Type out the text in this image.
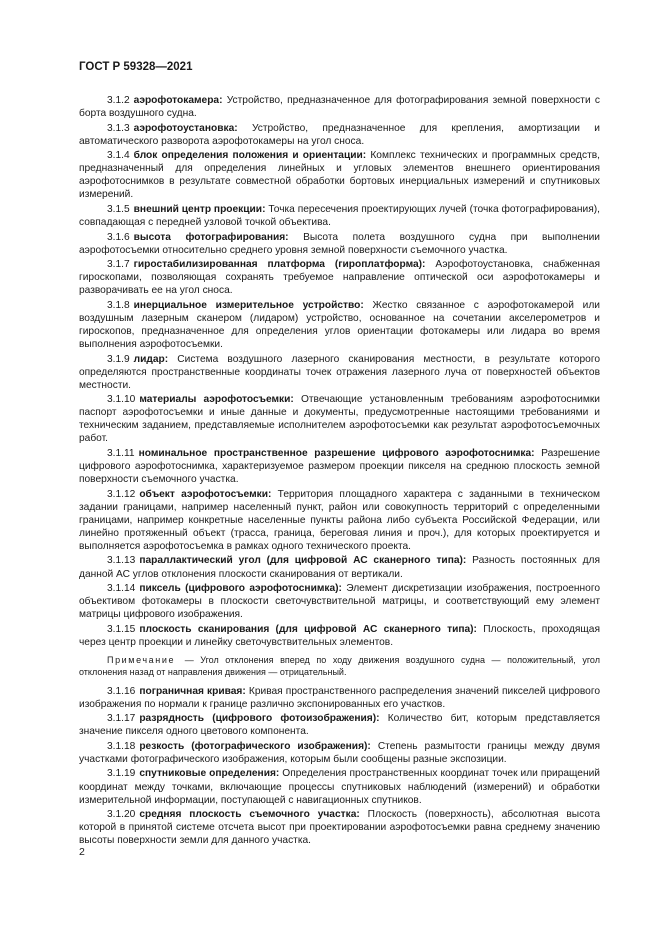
ГОСТ Р 59328—2021

3.1.2 аэрофотокамера: Устройство, предназначенное для фотографирования земной поверхности с борта воздушного судна.

3.1.3 аэрофотоустановка: Устройство, предназначенное для крепления, амортизации и автоматического разворота аэрофотокамеры на угол сноса.

3.1.4 блок определения положения и ориентации: Комплекс технических и программных средств, предназначенный для определения линейных и угловых элементов внешнего ориентирования аэрофотоснимков в результате совместной обработки бортовых инерциальных измерений и спутниковых измерений.

3.1.5 внешний центр проекции: Точка пересечения проектирующих лучей (точка фотографирования), совпадающая с передней узловой точкой объектива.

3.1.6 высота фотографирования: Высота полета воздушного судна при выполнении аэрофотосъемки относительно среднего уровня земной поверхности съемочного участка.

3.1.7 гиростабилизированная платформа (гироплатформа): Аэрофотоустановка, снабженная гироскопами, позволяющая сохранять требуемое направление оптической оси аэрофотокамеры и разворачивать ее на угол сноса.

3.1.8 инерциальное измерительное устройство: Жестко связанное с аэрофотокамерой или воздушным лазерным сканером (лидаром) устройство, основанное на сочетании акселерометров и гироскопов, предназначенное для определения углов ориентации фотокамеры или лидара во время выполнения аэрофотосъемки.

3.1.9 лидар: Система воздушного лазерного сканирования местности, в результате которого определяются пространственные координаты точек отражения лазерного луча от поверхностей объектов местности.

3.1.10 материалы аэрофотосъемки: Отвечающие установленным требованиям аэрофотоснимки паспорт аэрофотосъемки и иные данные и документы, предусмотренные настоящими требованиями и техническим заданием, представляемые исполнителем аэрофотосъемки как результат аэрофотосъемочных работ.

3.1.11 номинальное пространственное разрешение цифрового аэрофотоснимка: Разрешение цифрового аэрофотоснимка, характеризуемое размером проекции пикселя на среднюю плоскость земной поверхности съемочного участка.

3.1.12 объект аэрофотосъемки: Территория площадного характера с заданными в техническом задании границами, например населенный пункт, район или совокупность территорий с определенными границами, например конкретные населенные пункты района либо субъекта Российской Федерации, или линейно протяженный объект (трасса, граница, береговая линия и проч.), для которых проектируется и выполняется аэрофотосъемка в рамках одного технического проекта.

3.1.13 параллактический угол (для цифровой АС сканерного типа): Разность постоянных для данной АС углов отклонения плоскости сканирования от вертикали.

3.1.14 пиксель (цифрового аэрофотоснимка): Элемент дискретизации изображения, построенного объективом фотокамеры в плоскости светочувствительной матрицы, и соответствующий ему элемент матрицы цифрового изображения.

3.1.15 плоскость сканирования (для цифровой АС сканерного типа): Плоскость, проходящая через центр проекции и линейку светочувствительных элементов.

Примечание — Угол отклонения вперед по ходу движения воздушного судна — положительный, угол отклонения назад от направления движения — отрицательный.

3.1.16 пограничная кривая: Кривая пространственного распределения значений пикселей цифрового изображения по нормали к границе различно экспонированных его участков.

3.1.17 разрядность (цифрового фотоизображения): Количество бит, которым представляется значение пикселя одного цветового компонента.

3.1.18 резкость (фотографического изображения): Степень размытости границы между двумя участками фотографического изображения, которым были сообщены разные экспозиции.

3.1.19 спутниковые определения: Определения пространственных координат точек или приращений координат между точками, включающие процессы спутниковых наблюдений (измерений) и обработки измерительной информации, поступающей с навигационных спутников.

3.1.20 средняя плоскость съемочного участка: Плоскость (поверхность), абсолютная высота которой в принятой системе отсчета высот при проектировании аэрофотосъемки равна среднему значению высоты поверхности земли для данного участка.

2
